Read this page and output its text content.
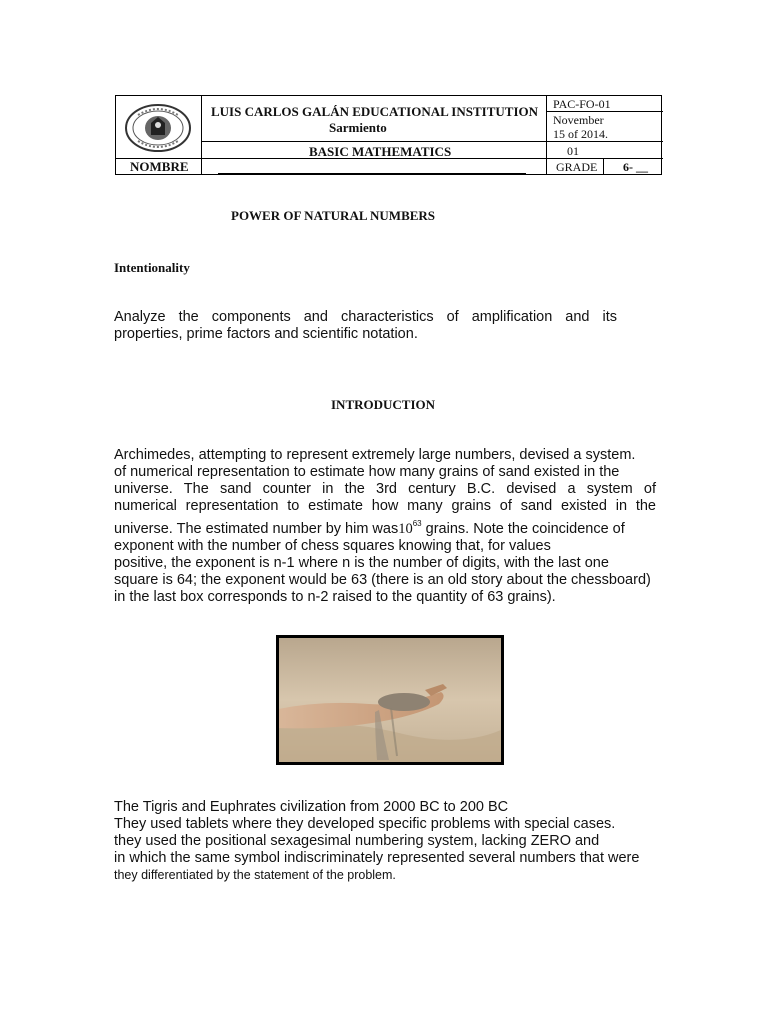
LUIS CARLOS GALÁN EDUCATIONAL INSTITUTION
Sarmiento
BASIC MATHEMATICS
PAC-FO-01
November
15 of 2014.
01
NOMBRE	GRADE 6- __
POWER OF NATURAL NUMBERS
Intentionality
Analyze the components and characteristics of amplification and its
properties, prime factors and scientific notation.
INTRODUCTION
Archimedes, attempting to represent extremely large numbers, devised a system.
of numerical representation to estimate how many grains of sand existed in the
universe. The sand counter in the 3rd century B.C. devised a system of
numerical representation to estimate how many grains of sand existed in the
universe. The estimated number by him $was10^{63}$ grains. Note the coincidence of
exponent with the number of chess squares knowing that, for values
positive, the exponent is n-1 where n is the number of digits, with the last one
square is 64; the exponent would be 63 (there is an old story about the chessboard)
in the last box corresponds to n-2 raised to the quantity of 63 grains).
The Tigris and Euphrates civilization from 2000 BC to 200 BC
They used tablets where they developed specific problems with special cases.
they used the positional sexagesimal numbering system, lacking ZERO and
in which the same symbol indiscriminately represented several numbers that were
they differentiated by the statement of the problem.
